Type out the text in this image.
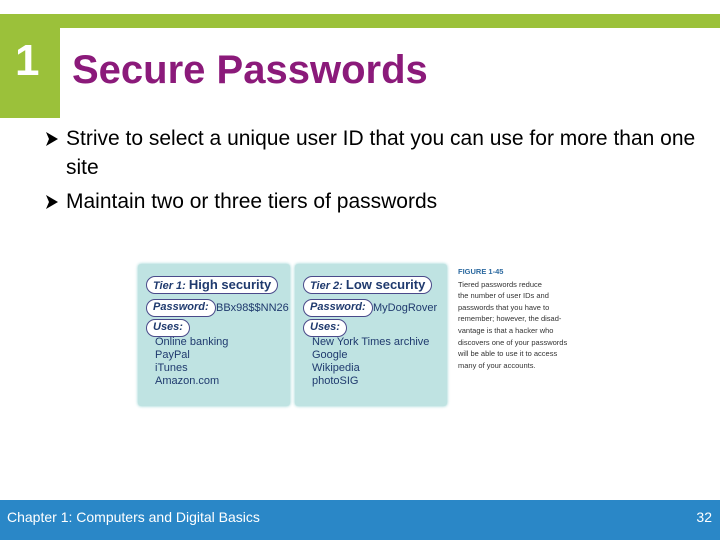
1 Secure Passwords
Strive to select a unique user ID that you can use for more than one site
Maintain two or three tiers of passwords
Tier 1: High security
Password: BBx98$$NN26
Uses:
Online banking
PayPal
iTunes
Amazon.com
Tier 2: Low security
Password: MyDogRover
Uses:
New York Times archive
Google
Wikipedia
photoSIG
FIGURE 1-45
Tiered passwords reduce
the number of user IDs and
passwords that you have to
remember; however, the disad-
vantage is that a hacker who
discovers one of your passwords
will be able to use it to access
many of your accounts.
Chapter 1: Computers and Digital Basics	32
